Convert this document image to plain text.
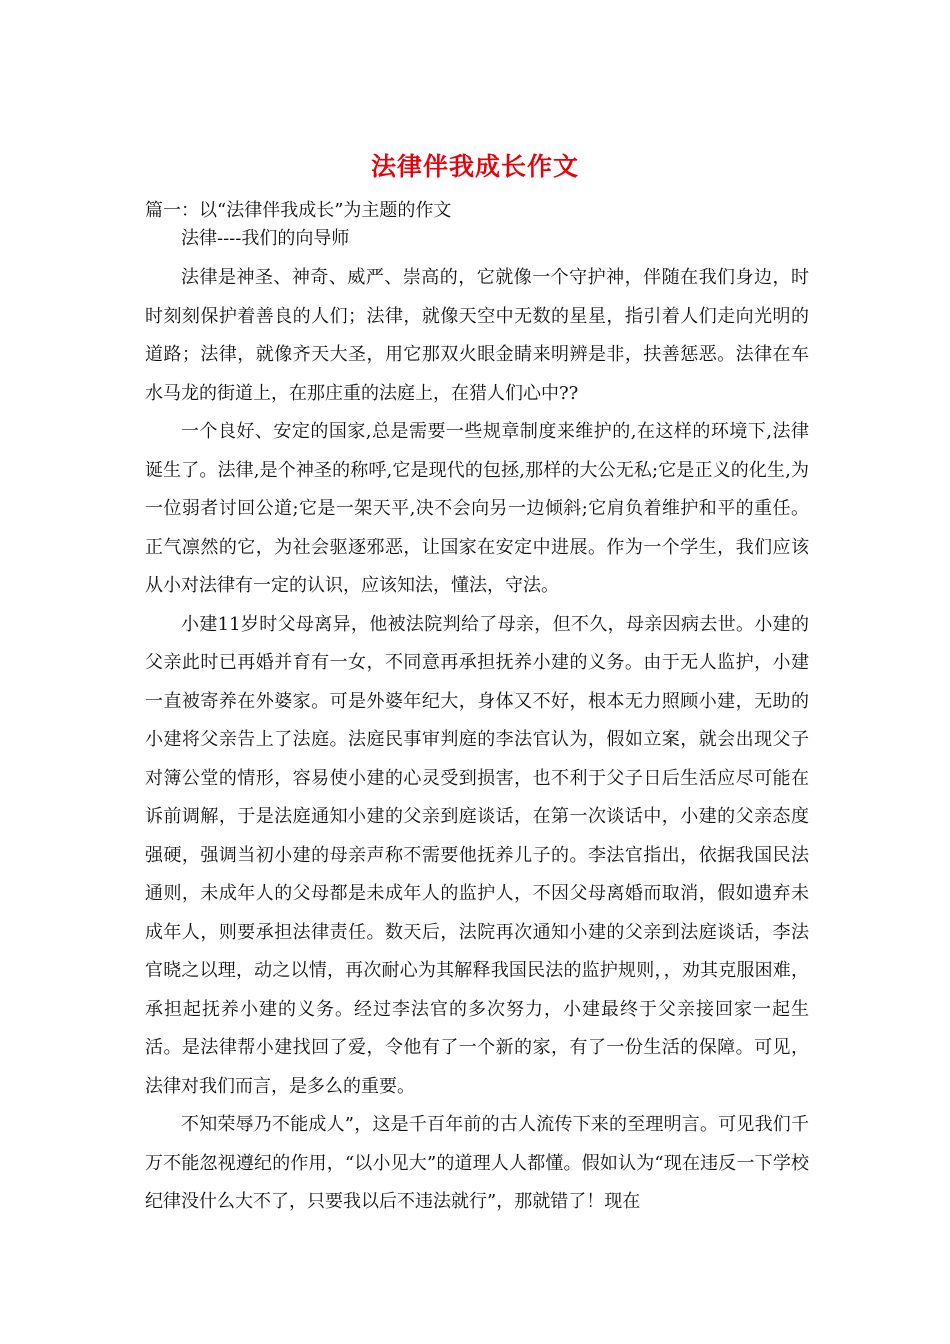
法律伴我成长作文

篇一：以“法律伴我成长”为主题的作文

法律----我们的向导师

法律是神圣、神奇、威严、崇高的，它就像一个守护神，伴随在我们身边，时时刻刻保护着善良的人们；法律，就像天空中无数的星星，指引着人们走向光明的道路；法律，就像齐天大圣，用它那双火眼金睛来明辨是非，扶善惩恶。法律在车水马龙的街道上，在那庄重的法庭上，在猎人们心中??

一个良好、安定的国家,总是需要一些规章制度来维护的,在这样的环境下,法律诞生了。法律,是个神圣的称呼,它是现代的包拯,那样的大公无私;它是正义的化生,为一位弱者讨回公道;它是一架天平,决不会向另一边倾斜;它肩负着维护和平的重任。正气凛然的它，为社会驱逐邪恶，让国家在安定中进展。作为一个学生，我们应该从小对法律有一定的认识，应该知法，懂法，守法。

小建11岁时父母离异，他被法院判给了母亲，但不久，母亲因病去世。小建的父亲此时已再婚并育有一女，不同意再承担抚养小建的义务。由于无人监护，小建一直被寄养在外婆家。可是外婆年纪大，身体又不好，根本无力照顾小建，无助的小建将父亲告上了法庭。法庭民事审判庭的李法官认为，假如立案，就会出现父子对簿公堂的情形，容易使小建的心灵受到损害，也不利于父子日后生活应尽可能在诉前调解，于是法庭通知小建的父亲到庭谈话，在第一次谈话中，小建的父亲态度强硬，强调当初小建的母亲声称不需要他抚养儿子的。李法官指出，依据我国民法通则，未成年人的父母都是未成年人的监护人，不因父母离婚而取消，假如遗弃未成年人，则要承担法律责任。数天后，法院再次通知小建的父亲到法庭谈话，李法官晓之以理，动之以情，再次耐心为其解释我国民法的监护规则，，劝其克服困难，承担起抚养小建的义务。经过李法官的多次努力，小建最终于父亲接回家一起生活。是法律帮小建找回了爱，令他有了一个新的家，有了一份生活的保障。可见，法律对我们而言，是多么的重要。

不知荣辱乃不能成人”，这是千百年前的古人流传下来的至理明言。可见我们千万不能忽视遵纪的作用，“以小见大”的道理人人都懂。假如认为“现在违反一下学校纪律没什么大不了，只要我以后不违法就行”，那就错了！现在
